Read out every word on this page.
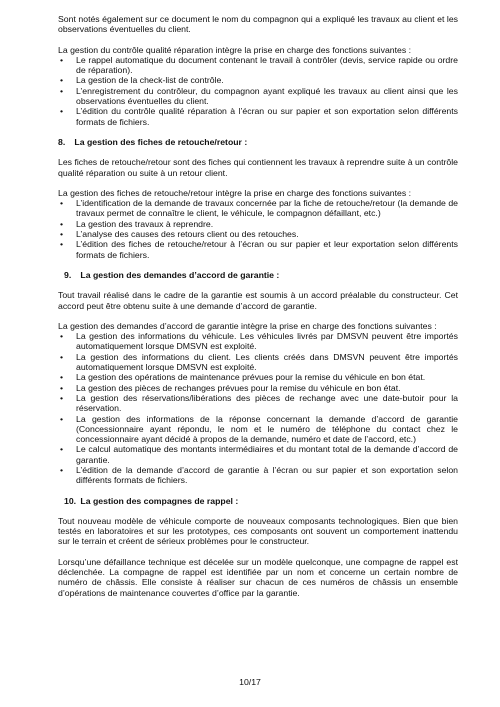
Sont notés également sur ce document le nom du compagnon qui a expliqué les travaux au client et les observations éventuelles du client.

La gestion du contrôle qualité réparation intègre la prise en charge des fonctions suivantes :

• Le rappel automatique du document contenant le travail à contrôler (devis, service rapide ou ordre de réparation).
• La gestion de la check-list de contrôle.
• L’enregistrement du contrôleur, du compagnon ayant expliqué les travaux au client ainsi que les observations éventuelles du client.
• L’édition du contrôle qualité réparation à l’écran ou sur papier et son exportation selon différents formats de fichiers.
8. La gestion des fiches de retouche/retour :

Les fiches de retouche/retour sont des fiches qui contiennent les travaux à reprendre suite à un contrôle qualité réparation ou suite à un retour client.

La gestion des fiches de retouche/retour intègre la prise en charge des fonctions suivantes :

• L’identification de la demande de travaux concernée par la fiche de retouche/retour (la demande de travaux permet de connaître le client, le véhicule, le compagnon défaillant, etc.)
• La gestion des travaux à reprendre.
• L’analyse des causes des retours client ou des retouches.
• L’édition des fiches de retouche/retour à l’écran ou sur papier et leur exportation selon différents formats de fichiers.
9. La gestion des demandes d’accord de garantie :

Tout travail réalisé dans le cadre de la garantie est soumis à un accord préalable du constructeur. Cet accord peut être obtenu suite à une demande d’accord de garantie.

La gestion des demandes d’accord de garantie intègre la prise en charge des fonctions suivantes :

• La gestion des informations du véhicule. Les véhicules livrés par DMSVN peuvent être importés automatiquement lorsque DMSVN est exploité.
• La gestion des informations du client. Les clients créés dans DMSVN peuvent être importés automatiquement lorsque DMSVN est exploité.
• La gestion des opérations de maintenance prévues pour la remise du véhicule en bon état.
• La gestion des pièces de rechanges prévues pour la remise du véhicule en bon état.
• La gestion des réservations/libérations des pièces de rechange avec une date-butoir pour la réservation.
• La gestion des informations de la réponse concernant la demande d’accord de garantie (Concessionnaire ayant répondu, le nom et le numéro de téléphone du contact chez le concessionnaire ayant décidé à propos de la demande, numéro et date de l’accord, etc.)
• Le calcul automatique des montants intermédiaires et du montant total de la demande d’accord de garantie.
• L’édition de la demande d’accord de garantie à l’écran ou sur papier et son exportation selon différents formats de fichiers.
10. La gestion des compagnes de rappel :

Tout nouveau modèle de véhicule comporte de nouveaux composants technologiques. Bien que bien testés en laboratoires et sur les prototypes, ces composants ont souvent un comportement inattendu sur le terrain et créent de sérieux problèmes pour le constructeur.

Lorsqu’une défaillance technique est décelée sur un modèle quelconque, une compagne de rappel est déclenchée. La compagne de rappel est identifiée par un nom et concerne un certain nombre de numéro de châssis. Elle consiste à réaliser sur chacun de ces numéros de châssis un ensemble d’opérations de maintenance couvertes d’office par la garantie.

10/17
